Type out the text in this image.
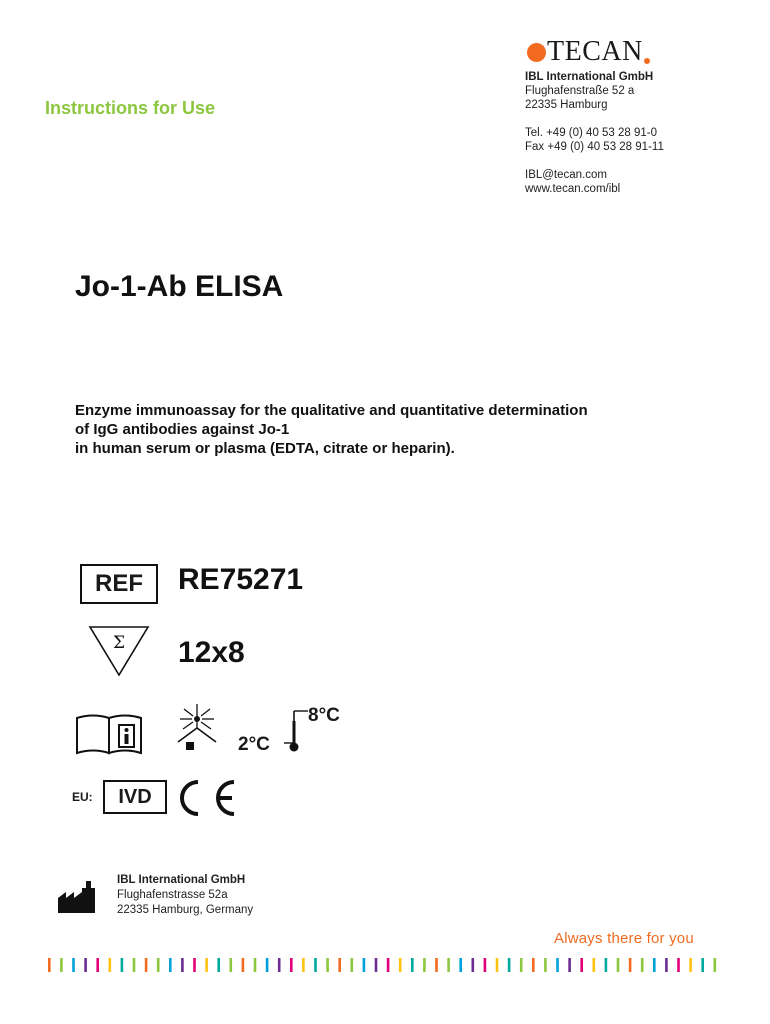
Instructions for Use
TECAN
IBL International GmbH
Flughafenstraße 52 a
22335 Hamburg
Tel. +49 (0) 40 53 28 91-0
Fax +49 (0) 40 53 28 91-11
IBL@tecan.com
www.tecan.com/ibl
Jo-1-Ab ELISA
Enzyme immunoassay for the qualitative and quantitative determination
of IgG antibodies against Jo-1
in human serum or plasma (EDTA, citrate or heparin).
REF	RE75271
Σ 12x8
2°C
8°C
EU:	IVD
IBL International GmbH
Flughafenstrasse 52a
22335 Hamburg, Germany
Always there for you
